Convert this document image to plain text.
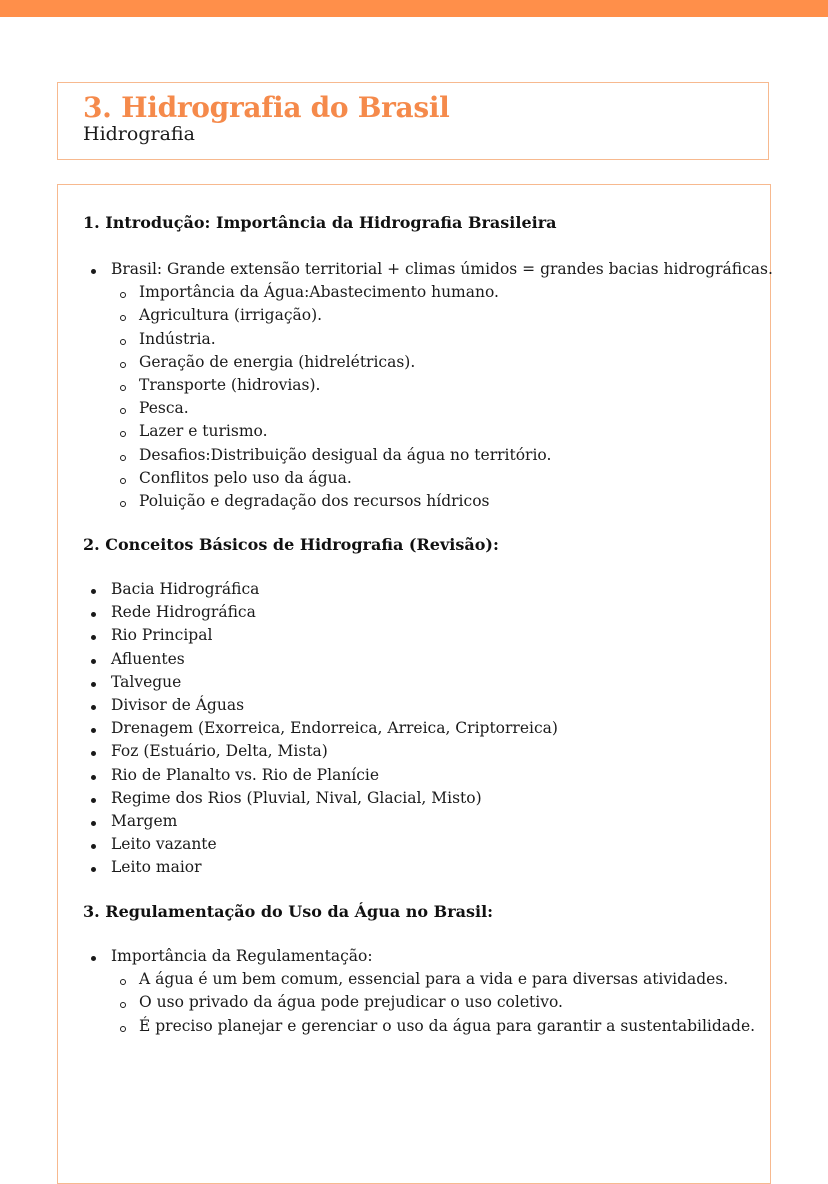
3. Hidrografia do Brasil
Hidrografia
1. Introdução: Importância da Hidrografia Brasileira
Brasil: Grande extensão territorial + climas úmidos = grandes bacias hidrográficas.
Importância da Água:Abastecimento humano.
Agricultura (irrigação).
Indústria.
Geração de energia (hidrelétricas).
Transporte (hidrovias).
Pesca.
Lazer e turismo.
Desafios:Distribuição desigual da água no território.
Conflitos pelo uso da água.
Poluição e degradação dos recursos hídricos
2. Conceitos Básicos de Hidrografia (Revisão):
Bacia Hidrográfica
Rede Hidrográfica
Rio Principal
Afluentes
Talvegue
Divisor de Águas
Drenagem (Exorreica, Endorreica, Arreica, Criptorreica)
Foz (Estuário, Delta, Mista)
Rio de Planalto vs. Rio de Planície
Regime dos Rios (Pluvial, Nival, Glacial, Misto)
Margem
Leito vazante
Leito maior
3. Regulamentação do Uso da Água no Brasil:
Importância da Regulamentação:
A água é um bem comum, essencial para a vida e para diversas atividades.
O uso privado da água pode prejudicar o uso coletivo.
É preciso planejar e gerenciar o uso da água para garantir a sustentabilidade.
